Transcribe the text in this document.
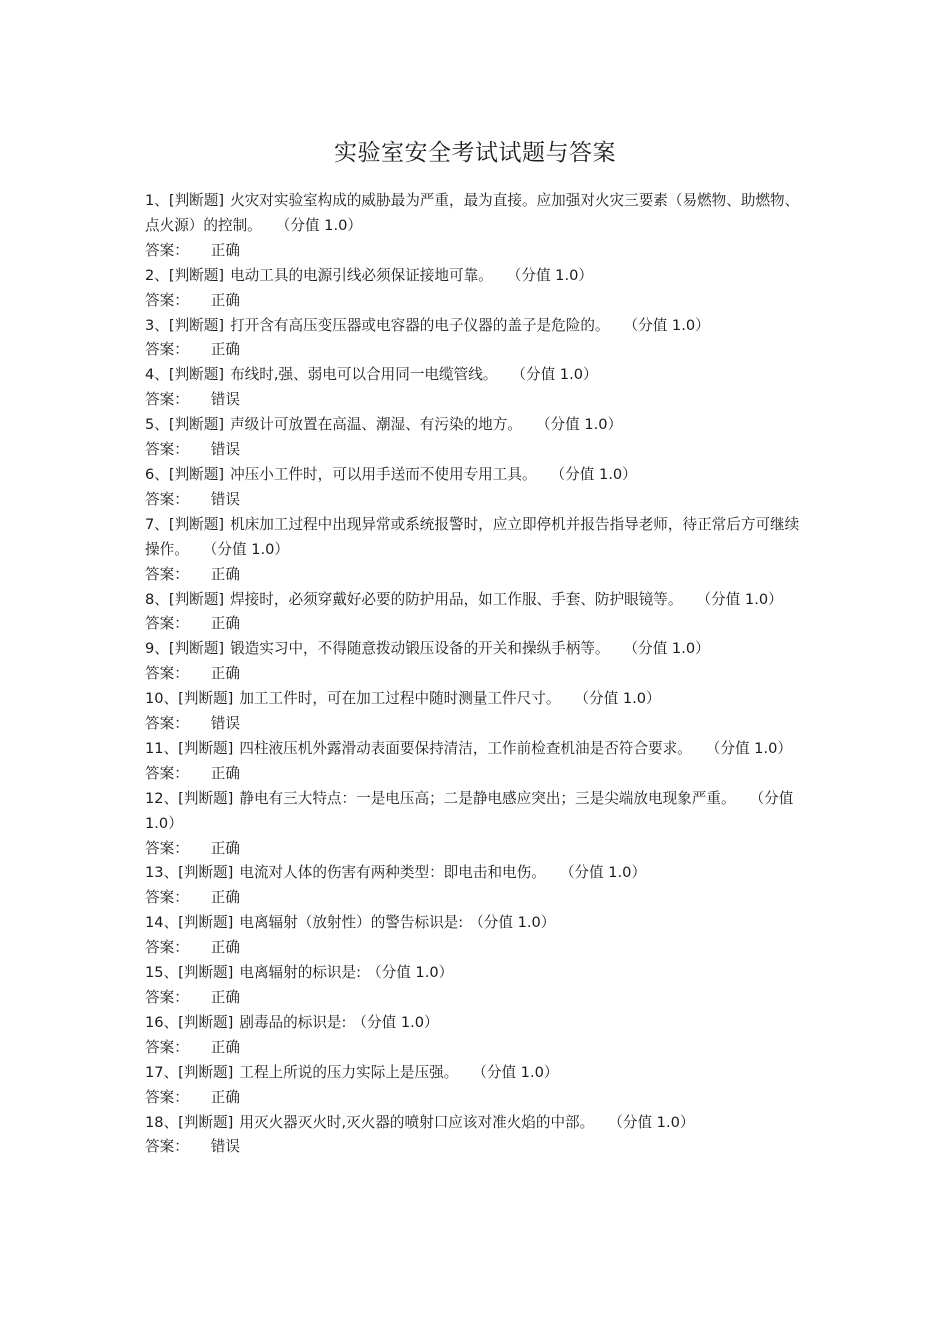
实验室安全考试试题与答案

1、[判断题] 火灾对实验室构成的威胁最为严重，最为直接。应加强对火灾三要素（易燃物、助燃物、点火源）的控制。 （分值 1.0）

答案： 正确

2、[判断题] 电动工具的电源引线必须保证接地可靠。 （分值 1.0）

答案： 正确

3、[判断题] 打开含有高压变压器或电容器的电子仪器的盖子是危险的。 （分值 1.0）

答案： 正确

4、[判断题] 布线时,强、弱电可以合用同一电缆管线。 （分值 1.0）

答案： 错误

5、[判断题] 声级计可放置在高温、潮湿、有污染的地方。 （分值 1.0）

答案： 错误

6、[判断题] 冲压小工件时，可以用手送而不使用专用工具。 （分值 1.0）

答案： 错误

7、[判断题] 机床加工过程中出现异常或系统报警时，应立即停机并报告指导老师，待正常后方可继续操作。 （分值 1.0）

答案： 正确

8、[判断题] 焊接时，必须穿戴好必要的防护用品，如工作服、手套、防护眼镜等。 （分值 1.0）

答案： 正确

9、[判断题] 锻造实习中，不得随意拨动锻压设备的开关和操纵手柄等。 （分值 1.0）

答案： 正确

10、[判断题] 加工工件时，可在加工过程中随时测量工件尺寸。 （分值 1.0）

答案： 错误

11、[判断题] 四柱液压机外露滑动表面要保持清洁，工作前检查机油是否符合要求。 （分值 1.0）

答案： 正确

12、[判断题] 静电有三大特点：一是电压高；二是静电感应突出；三是尖端放电现象严重。 （分值 1.0）

答案： 正确

13、[判断题] 电流对人体的伤害有两种类型：即电击和电伤。 （分值 1.0）

答案： 正确

14、[判断题] 电离辐射（放射性）的警告标识是: （分值 1.0）

答案： 正确

15、[判断题] 电离辐射的标识是: （分值 1.0）

答案： 正确

16、[判断题] 剧毒品的标识是: （分值 1.0）

答案： 正确

17、[判断题] 工程上所说的压力实际上是压强。 （分值 1.0）

答案： 正确

18、[判断题] 用灭火器灭火时,灭火器的喷射口应该对准火焰的中部。 （分值 1.0）

答案： 错误
